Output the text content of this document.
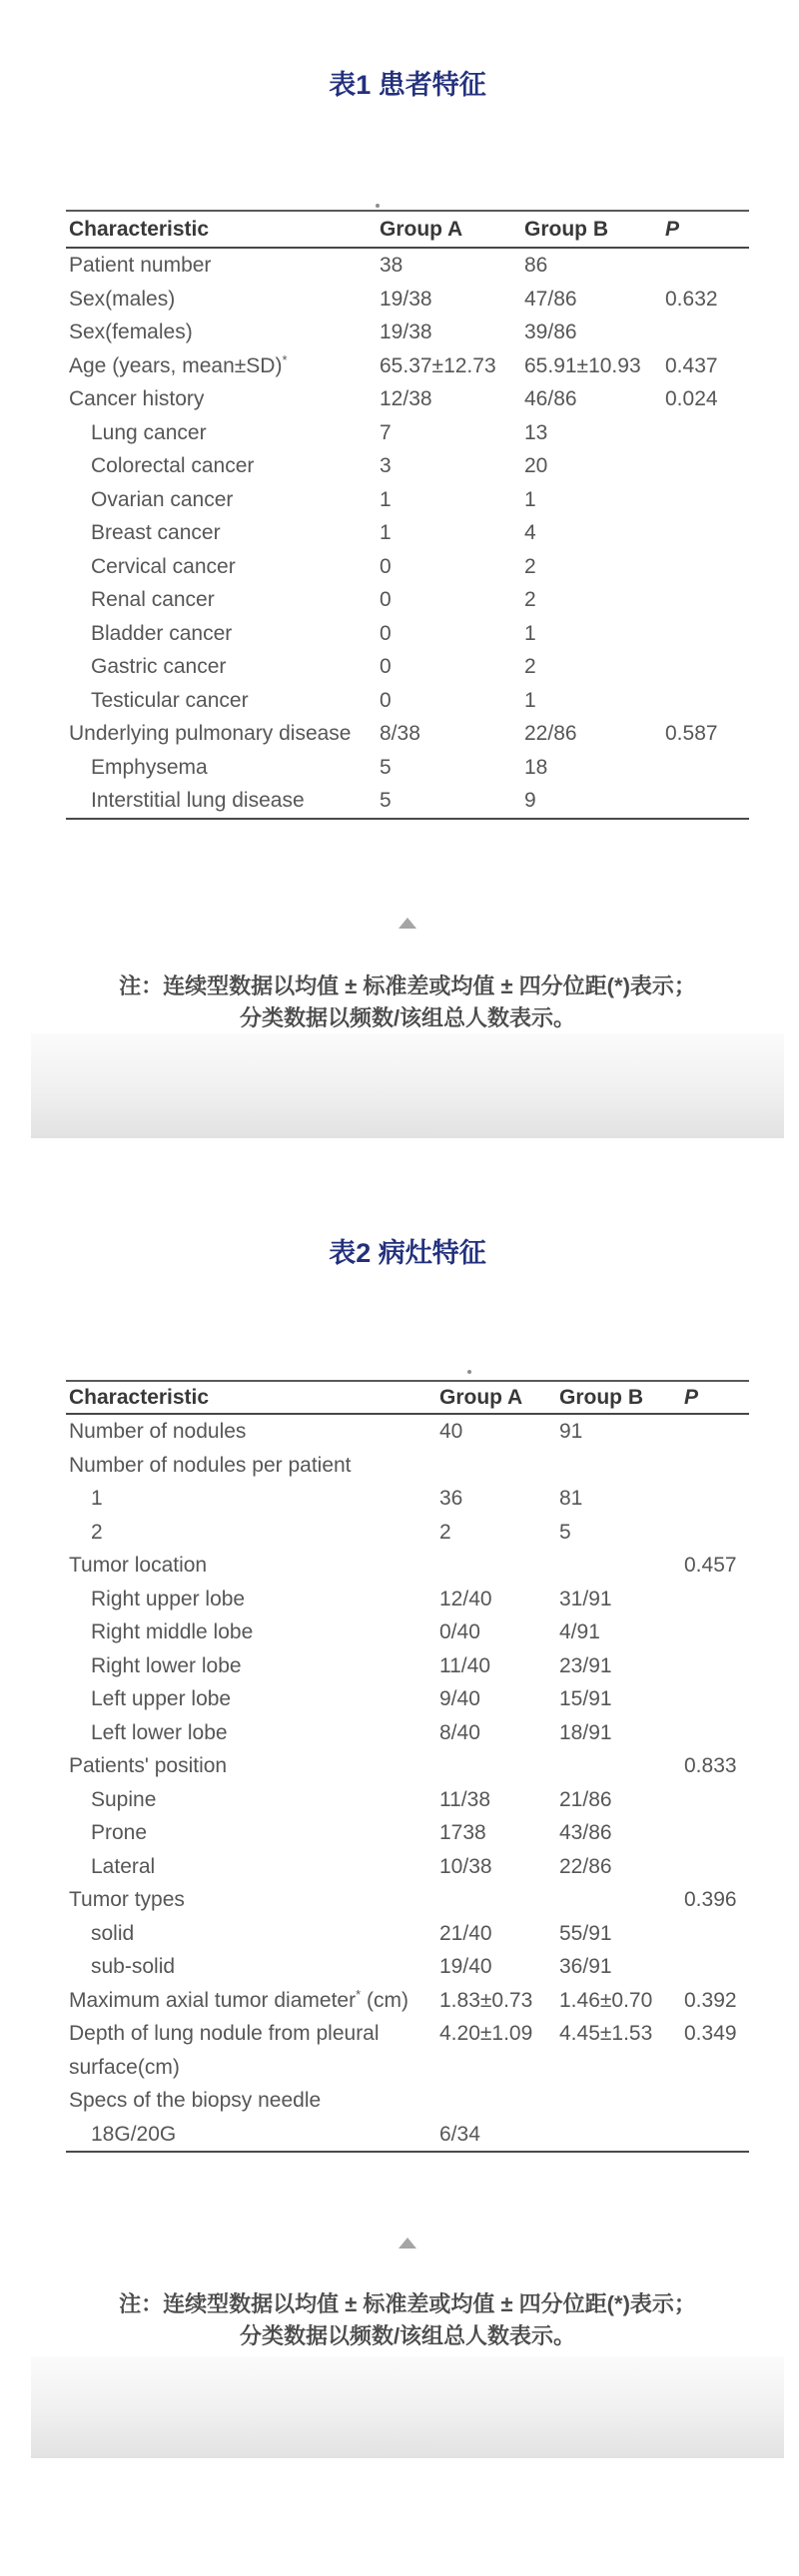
表1 患者特征
Characteristic	Group A	Group B	P
Patient number	38	86	
Sex(males)	19/38	47/86	0.632
Sex(females)	19/38	39/86	
Age (years, mean±SD)*	65.37±12.73	65.91±10.93	0.437
Cancer history	12/38	46/86	0.024
Lung cancer	7	13	
Colorectal cancer	3	20	
Ovarian cancer	1	1	
Breast cancer	1	4	
Cervical cancer	0	2	
Renal cancer	0	2	
Bladder cancer	0	1	
Gastric cancer	0	2	
Testicular cancer	0	1	
Underlying pulmonary disease	8/38	22/86	0.587
Emphysema	5	18	
Interstitial lung disease	5	9	
注：连续型数据以均值 ± 标准差或均值 ± 四分位距(*)表示；
分类数据以频数/该组总人数表示。
表2 病灶特征
Characteristic	Group A	Group B	P
Number of nodules	40	91	
Number of nodules per patient			
1	36	81	
2	2	5	
Tumor location			0.457
Right upper lobe	12/40	31/91	
Right middle lobe	0/40	4/91	
Right lower lobe	11/40	23/91	
Left upper lobe	9/40	15/91	
Left lower lobe	8/40	18/91	
Patients' position			0.833
Supine	11/38	21/86	
Prone	1738	43/86	
Lateral	10/38	22/86	
Tumor types			0.396
solid	21/40	55/91	
sub-solid	19/40	36/91	
Maximum axial tumor diameter* (cm)	1.83±0.73	1.46±0.70	0.392
Depth of lung nodule from pleural surface(cm)	4.20±1.09	4.45±1.53	0.349
Specs of the biopsy needle			
18G/20G	6/34		
注：连续型数据以均值 ± 标准差或均值 ± 四分位距(*)表示；
分类数据以频数/该组总人数表示。
